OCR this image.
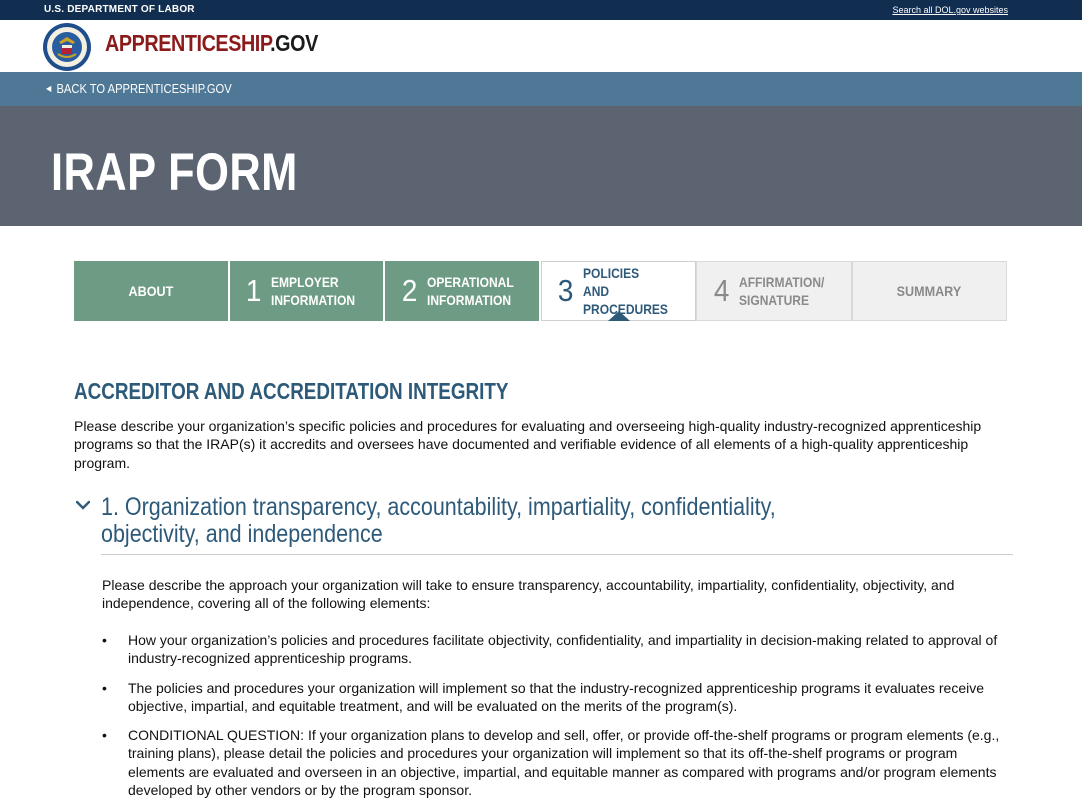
U.S. DEPARTMENT OF LABOR	Search all DOL.gov websites
APPRENTICESHIP.GOV
◀ BACK TO APPRENTICESHIP.GOV
IRAP FORM
ABOUT 1 EMPLOYER INFORMATION 2 OPERATIONAL INFORMATION 3 POLICIES AND PROCEDURES
4 AFFIRMATION/ SIGNATURE
SUMMARY
ACCREDITOR AND ACCREDITATION INTEGRITY

Please describe your organization’s specific policies and procedures for evaluating and overseeing high-quality industry-recognized apprenticeship programs so that the IRAP(s) it accredits and oversees have documented and verifiable evidence of all elements of a high-quality apprenticeship program.

1. Organization transparency, accountability, impartiality, confidentiality, objectivity, and independence

Please describe the approach your organization will take to ensure transparency, accountability, impartiality, confidentiality, objectivity, and independence, covering all of the following elements:

• How your organization’s policies and procedures facilitate objectivity, confidentiality, and impartiality in decision-making related to approval of industry-recognized apprenticeship programs.
• The policies and procedures your organization will implement so that the industry-recognized apprenticeship programs it evaluates receive objective, impartial, and equitable treatment, and will be evaluated on the merits of the program(s).
• CONDITIONAL QUESTION: If your organization plans to develop and sell, offer, or provide off-the-shelf programs or program elements (e.g., training plans), please detail the policies and procedures your organization will implement so that its off-the-shelf programs or program elements are evaluated and overseen in an objective, impartial, and equitable manner as compared with programs and/or program elements developed by other vendors or by the program sponsor.
